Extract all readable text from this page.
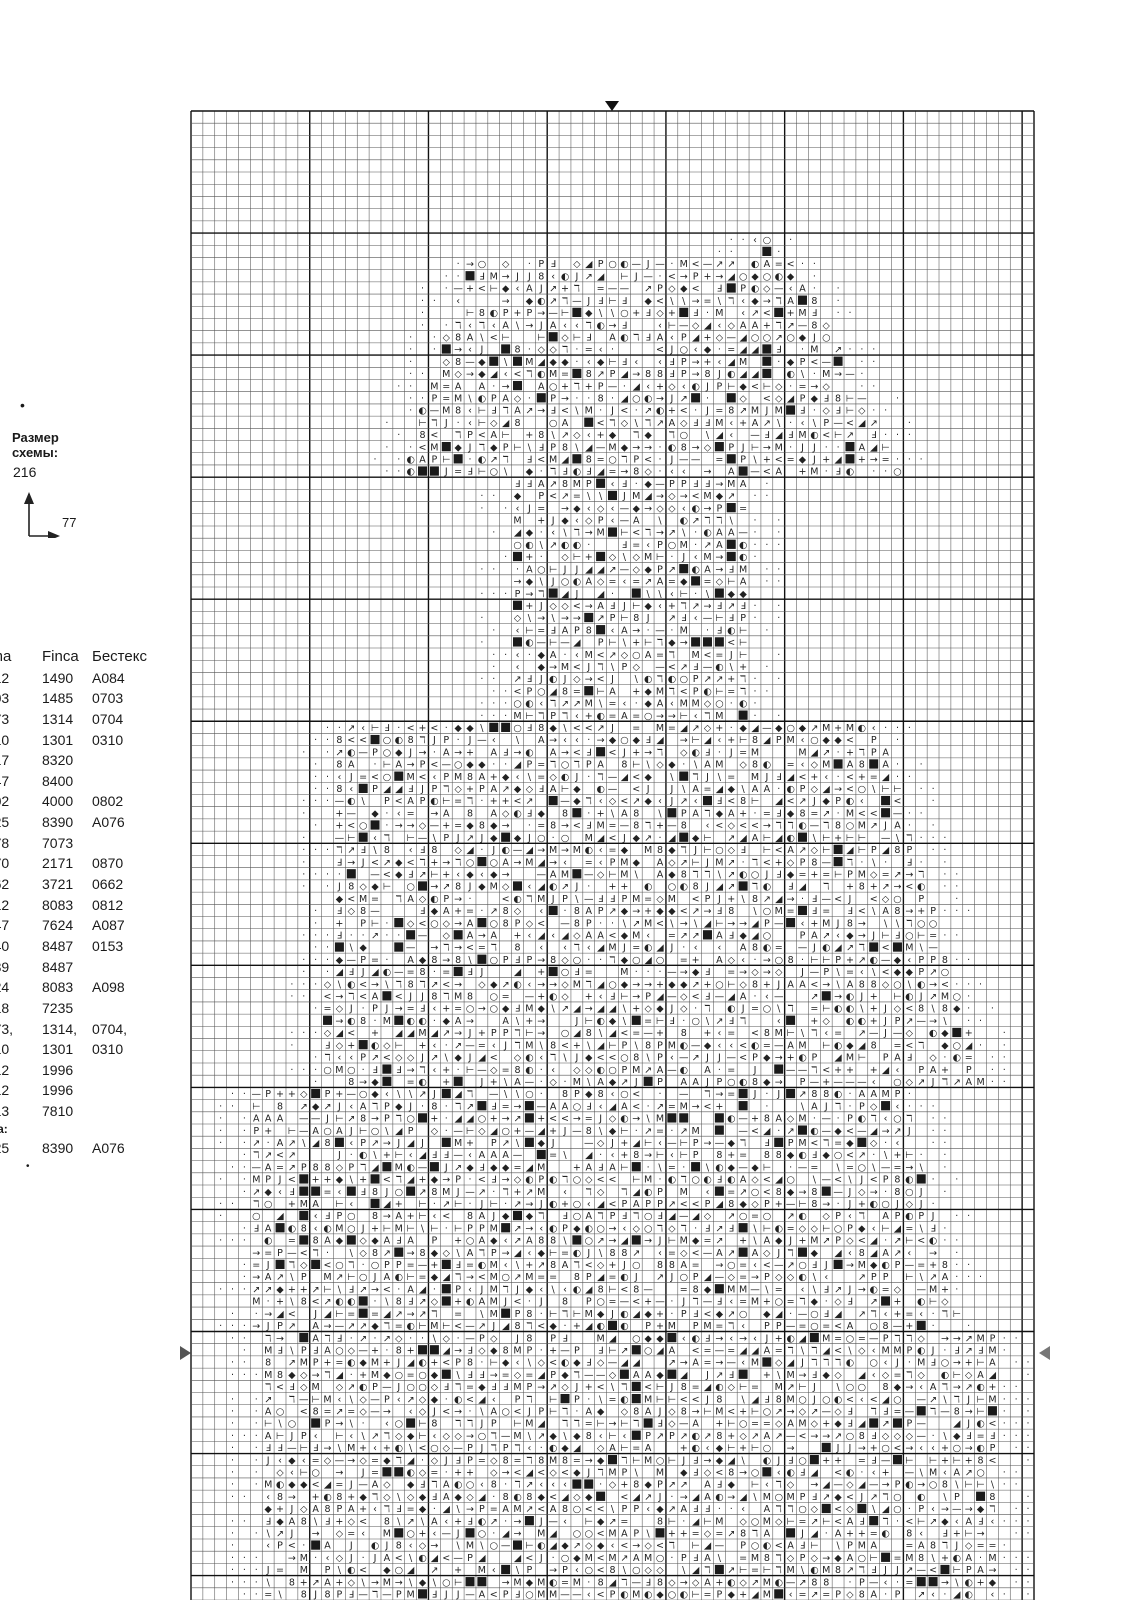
Размер
схемы:
216
77
a Finca Бестекс
2 1490 A084
3 1485 0703
3 1314 0704
0 1301 0310
7 8320
7 8400
2 4000 0802
5 8390 A076
8 7073
0 2171 0870
2 3721 0662
2 8083 0812
7 7624 A087
0 8487 0153
9 8487
4 8083 A098
8 7235
3, 1314, 0704,
0 1301 0310
2 1996
2 1996
3 7810
а:
5 8390 A076
· · ‹ ○ ·
· ·	·
· → ○ ◇ · P Ⅎ ◇ ◢ P ○ ◐ — J — · M < — ↗ ↗ ◐ A = < · ·
· · Ⅎ M → J J 8 ‹ ◐ J ↗ ◢ ⊢ J — · < → P + → ◢ ○ ◆ ○ ◐ ◆ ·
· · — + < ⊢ ◆ ‹ A J ↗ + ℸ = — — ↗ P ◇ ◆ < Ⅎ P ◐ ◇ — ‹ A · ·
· · ‹	→ ◆ ◐ ↗ ℸ — J Ⅎ ⊢ Ⅎ ◆ < \ \ → = \ ℸ ‹ ◆ → ℸ A 8 ·
·	⊢ 8 ◐ P + P → — ⊢ ◆ \ \ ○ + Ⅎ ◇ + Ⅎ · M ‹ ↗ < + M Ⅎ · ·
· · ℸ ‹ ℸ ‹ A \ → J A ‹ ‹ ℸ ◐ → Ⅎ	‹ ⊢ — ◇ ◢ ‹ ◇ A A + ℸ ↗ — 8 ◇
· · ◇ 8 A \ < ⊢	⊢ ◇ ⊢ Ⅎ A ◐ ℸ Ⅎ A ‹ P ◢ + ◇ — ◢ ○ ○ ↗ ○ ◆ J ○
· · → ‹ J	8 · ◇ ◇ ℸ · = ‹ ·	< J ○ ‹ ◆ · = ◢ ◢ Ⅎ · M ↗ · · ·
·	◇ 8 — ◆ \ M ◢ ◆ ◆ · ‹ ◆ ⊢ Ⅎ ‹ ‹ Ⅎ P → + ‹ ◢ M	· ◆ P < —	· ·
· · M ◇ → ◆ ◢ ‹ < ℸ ◐ M = 8 ↗ P ◢ → 8 8 Ⅎ P → 8 J ◐ ◢ ◢	◐ \ · M → — ·
· · M = A A · →	A ○ + ℸ + P — · ◢ ‹ + ◇ ‹ ◐ J P ⊢ ◆ < ⊢ ◇ · = → ◇	· ·
· · P = M \ ◐ P A ◇ · P → · · 8 · ◢ ○ ◐ → J ↗ ·	◇ < ◇ ◢ P ◆ Ⅎ 8 ⊢ —	·
· ◐ — M 8 ‹ ⊢ Ⅎ ℸ A ↗ → Ⅎ < \ M · J < · ↗ ◐ + < · J = 8 ↗ M J M Ⅎ · ◇ Ⅎ ⊢ ◇ · ·
·	⊢ ℸ J · ‹ ⊢ ◇ ◢ 8	○ A	< ℸ ◇ \ ℸ ↗ A ◇ Ⅎ Ⅎ M ‹ + A ↗ \ · ‹ \ P — < ◢ ↗	·
· 8 < ℸ P < A ⊢ + 8 \ ↗ ◇ ‹ + ◆ ℸ ◆ ℸ ○ \ ◢ ‹ — Ⅎ ◢ Ⅎ M ◐ < ⊢ ↗ Ⅎ · · ·
· · < M ◆ J ℸ ◆ P ⊢ \ Ⅎ P 8 \ ◢ — M ◆ → → · ◐ 8 → ◇ P J ⊢ → M · J J · · A ◢ ⊢
· · ◐ A P ⊢ · ◐ ↗ ℸ Ⅎ < M ◢ 8 = ○ ℸ P < · J — — = P \ + < = ◆ J + ◢ + → = · · ·
· · ◐	J = Ⅎ ⊢ ○ \ ◆ · ℸ Ⅎ ◐ Ⅎ ◢ = → 8 ◇ · ‹ ‹ → A — < A + M · Ⅎ ◐ · · ○
Ⅎ Ⅎ A ↗ 8 M P ‹ Ⅎ · ◆ — P P Ⅎ Ⅎ → M A ·
· · ◆ P < ↗ = \ \ J M ◢ → ◇ → < M ◆ ↗ · ·
· · ‹ J = → ◆ ‹ ◇ ‹ — ◆ → ◇ ◇ ‹ ◐ → P =
M + J ◆ ‹ ◇ P ‹ — A \ ◐ ↗ ℸ ℸ \ · ·
· ◢ ◆ · ‹ \ ℸ → M ⊢ < ℸ → ↗ \ · ◐ A A — · ·
○ ◐ \ ↗ ◐ ◐ ·	Ⅎ = ‹ P ○ M · ↗ A ◐ · · ·
· + · ◇ ⊢ + ◇ \ ◇ M ⊢ · J ‹ M → ◐ ·
· · · A ○ ⊢ J J ◢ ◢ ↗ — ◇ ◆ P ↗ ◐ A → Ⅎ M · ·
→ ◆ \ J ○ ◐ A ◇ = ‹ = ↗ A = ◆ = ◇ ⊢ A · ·
· · · P → ℸ ◢ J ◢ ·	\ \ ‹ ⊢ · \ ◆ ◆
+ J ◇ ◇ < → A Ⅎ J ⊢ ◆ ‹ + ℸ ↗ → Ⅎ ↗ Ⅎ · ·
·	◇ \ → \ → → ↗ P ⊢ 8 J ↗ Ⅎ ‹ — ⊢ Ⅎ P · ·
· ‹ ⊢ = Ⅎ A P 8 ‹ A → · — · M · Ⅎ ◐ ⊢ ·
·	◐ — ⊢ — ◢ P ⊢ \ + ⊢ ℸ ◆ →	< ⊢
· · ‹ · ◆ A · ‹ M < ↗ ◇ ○ A = ℸ M < = J ⊢	·
· ‹ ◆ → M < J ℸ \ P ◇ — < ↗ Ⅎ — ◐ \ + ·
· · ↗ Ⅎ J ◐ J ◇ → < J \ ◐ ℸ ◐ ○ P ↗ ↗ + ℸ · ·
· · < P ○ ◢ 8 = ⊢ A + ◆ M ℸ < P ◐ ⊢ = ℸ · ·
· · · ○ ◐ ‹ ℸ ↗ ↗ M \ = ‹ · ◆ A ‹ M M ◇ ○ · ◐ ·
· · · M ⊢ ℸ P ℸ ‹ + ◐ = A = ○ → → ⊢ ‹ ℸ M	· ·
· · ↗ ‹ ⊢ Ⅎ · < + < · ◆ ◆ \	○ Ⅎ 8 ◆ \ < < ↗ J = M = ◢ ↗ ◇ + · ◆ ◢ — ◆ ○ ◆ ↗ M + M ◐ ‹ · · ·
· · 8 < < ○ ◐ 8 ℸ J P · J — ‹ \ A → ‹ ‹ · → ◆ ○ ◆ Ⅎ ◢ → ⊢ ◢ ‹ + ⊢ 8 ◢ P M ‹ ○ ◆ ◆ < P ·
· · ↗ ◐ — P ○ ◆ J → · A → + A Ⅎ → ◐ A → < Ⅎ < J + → ℸ ◇ ◐ Ⅎ · J = M	M ◢ ↗ · + ℸ P A
· 8 A · ⊢ A → P < — ○ ◆ ◆ · · ◢ P = ℸ ○ ℸ P A 8 ⊢ \ ◇ ◆ · \ A M ◇ 8 ◐ = ‹ ◇ M A 8 A · ·
· · ‹ J = < ○ M < ‹ P M 8 A + ◆ ‹ \ = ◇ ◐ J · ℸ — ◢ < ◆ \ ℸ J \ = M J Ⅎ ◢ < + ‹ · < + = ◢ · ·
· · 8 ‹ P ◢ ◢ Ⅎ J P ℸ ◇ + P A ↗ ◆ ◇ Ⅎ A ⊢ ◆ ◐ — < J J \ A = ◢ ◆ \ A A · ◐ P ◇ ◢ → < ○ \ ⊢ ⊢ · ·
· · · — ◐ \ P < A P ◐ ⊢ = ℸ · + + < ↗	— ◆ ℸ ‹ ◇ < ↗ ◆ ‹ J ↗ ‹ Ⅎ < 8 ⊢ ◢ < ↗ J ◆ P ◐ ‹	<	·
·	+ — ◆ · ‹ = → A 8 A ◇ ◐ Ⅎ ◆ 8 · + \ A 8 \ P A ℸ ◆ A + · = Ⅎ ◆ 8 = ↗ · M < < — · ·
· + < ○ · → → ◇ — + = ◆ 8 ◆ → · = 8 → < Ⅎ M = — 8 ℸ + — 8 ‹ < ◇ < < → ℸ ℸ ◐ — ℸ 8 ○ M ↗ J A · ·
·	— ⊢ ‹ ℸ ⊢ — \ P J ↗ J ◆ ◆ J ○ · ○ M ◢ < J ◆ ↗ · ◢ ◆ ⊢ ↗ ◢ A ⊢ ◢ ◐ \ ⊢ + ⊢ ⊢ — \ ℸ · · ·
· · · ℸ ↗ Ⅎ \ 8 ‹ Ⅎ 8 ◇ ◢ · J ◐ — ◢ → M → M ◐ ‹ = ◆ M 8 ◆ ℸ J ⊢ ○ ◇ Ⅎ ⊢ < A ↗ ◇ ⊢ ◢ ⊢ P ◢ 8 P · ·
·	Ⅎ → J < ↗ ◆ < ℸ + → ℸ ○ ○ A → M ◢ → ‹ = ‹ P M ◆ A ◇ ↗ ⊢ J M ↗ · ℸ < + ◇ P 8 — ℸ · \ · Ⅎ · ·
· · · ·	— < ◆ Ⅎ ↗ ⊢ + ‹ ◆ ‹ ◆ →	— A M — ◇ ⊢ M \ A ◆ 8 ℸ ℸ \ ↗ ◐ ○ J Ⅎ ◆ = + = ⊢ P M ◇ = ↗ → ℸ · ·
· · J 8 ◇ ◆ ⊢ ○ → ↗ 8 J ◆ M ◇ ‹ ◢ ◐ ↗ J · + + ◐ ○ ◐ 8 J ◢ ↗ ℸ ◐ Ⅎ ◢ ℸ + 8 + ↗ → < ◐ · ·
◆ < M = ℸ A ◇ ◐ P → ·	< ◐ ℸ M J P \ — Ⅎ Ⅎ P M = ◇ M < P J + \ 8 ↗ ◢ → · Ⅎ — < J < ◇ ○ P	·
· Ⅎ ◇ 8 —	Ⅎ ◆ A + = · ↗ 8 ◇ ‹ · 8 A P ↗ ◆ → + ◆ ◆ < ↗ → Ⅎ 8 \ ○ M = Ⅎ = Ⅎ < \ A 8 → + P · · ·
· + P ⊢ · ◇ < ○ ◇ → A ○ 8 P ◇ < — 8 P · · \ ↗ M < \ → \ ◢ ⊢ → → ◢ P — ‹ + M J 8 → \ \ ℸ ○ ○
· · · Ⅎ · · ↗ · · — ◇ A → A + ‹ ◢ ‹ ◢ ◇ A A < ◆ M ‹ = ↗ ↗ A Ⅎ ◆ ◢ ○	P A ↗ ‹ ◆ → J ⊢ Ⅎ ○ ⊢ = · ·
· · \ ◆	— → ℸ → < = ℸ 8 ‹ ‹ ℸ ‹ ◢ M J = ◐ ◢ J · ‹ ‹ A 8 ◐ = — J ◐ ◢ ↗ ℸ < M \ —
· · · ◆ — P = · A ◆ 8 → 8 \ ○ P Ⅎ P → 8 ◇ ○ · · ℸ ◆ ○ ◢ ○ = + A ◇ ‹ · → ○ 8 · ⊢ ⊢ P + ↗ ◐ — ◆ ‹ P P 8 · ·
· · ◢ Ⅎ J ◢ ◐ — = 8 · = Ⅎ J	◢ + ○ Ⅎ =	M · · · — → ◆ Ⅎ = → ◇ → ◇ J — P \ = ‹ \ < ◆ ◆ P ↗ ○
· · · ◇ \ ◐ < → \ ℸ 8 ℸ ↗ < → ◇ ◆ ↗ ◐ ‹ → → ◇ M ℸ ◢ ○ ◆ → → + ◆ ◆ ↗ + ○ ⊢ ◇ 8 + J A A < → \ A 8 8 ◇ ○ \ ◐ → < · · ·
· · < → ℸ < A < J J 8 ℸ M 8 ○ = — + ◐ ◇ + ‹ Ⅎ ⊢ → P ◢ — ◇ < Ⅎ — ◢ A · ‹ —	↗ → ◐ J + ⊢ ◐ J ↗ M ○ ·
· = ◇ J · P J → = Ⅎ ‹ + = ○ → ○ ◆ Ⅎ M ◆ \ ↗ ◢ → ◢ ◢ \ + ◇ ◆ J ◇ · ℸ ◐ J = ○ \ ℸ = ⊢ ◐ ◐ \ + J ◇ < 8 \ 8 ◆ · ·
→ ◐ 8 · M ◐ ◐ · ◆ A →	A \ + →	J ⊢ ◐ ◆ \ = ⊢ Ⅎ · ○ \ ↗ Ⅎ ℸ	‹	+ ◇ ◐ ◐ + J P ↗ — → \ · ·
· · · ◇ ◢ < + ◢ ◢ M ◢ ↗ → J + P P ℸ ⊢ → ○ ◢ 8 \ ◢ < = — + 8 + ‹ = < 8 M ⊢ \ ℸ ‹ = ↗ — J — ◇ ◐ ◆ +	·
·	Ⅎ ◇ + ◐ ◇ ⊢ + ‹ · ↗ — = ‹ J ℸ M \ 8 < + \ ◢ ⊢ P \ 8 P M ◐ — ◆ ‹ ‹ < ◐ = — A M ⊢ ◐ ◆ ◢ 8 = < ℸ ◆ ○ ◢ · ·
· ℸ ‹ ‹ P ↗ < ◇ ◇ J ↗ \ ◆ J ◢ < ◇ ◐ ‹ ℸ \ J ◆ < < ○ 8 \ P ‹ — ↗ J J — < P ◆ → + ◐ P ◢ M ⊢ P A Ⅎ ◇ · ◐ = · ·
· · · ○ M ○ · Ⅎ Ⅎ → ℸ ‹ + · ⊢ — ◇ = 8 ◐ · ‹ ◇ ◇ ◐ ○ P M ↗ A — ◐ A · = J	— — ℸ < + + + ◢ ‹ P A + P · ·
·	8 → ◆	= ◐ +	J + \ A — · ◇ · M \ A ◆ ↗ J P A A J P ○ ◐ 8 ◆ → P — + — — — ‹ ○ ◇ ↗ J ℸ ↗ A M · ·
· · — P + + ◇ P + — ○ ◆ ‹ \ \ ↗ J ◢ ℸ — \ \ ○ · 8 P ◆ 8 ‹ ○ < · — ℸ → = J · J ↗ 8 8 ◐ · A A M P ·
· · ⊢ 8 ↗ ◆ ↗ J ‹ A ℸ P ◆ J · 8 · ℸ ↗ Ⅎ = → — A A ○ Ⅎ ‹ ◢ A < · ↗ = M → < +	·	\ A J ℸ · P ◇ ‹ · · ·
· · A A A — — J ⊢ ↗ 8 → P ℸ ○ + · ◢ ◢ ○ + → ↗ + < < → = J ◇ ◐ → \ M	◐ — + 8 A ◇ M · — · P ◐ ℸ ‹ ○ ℸ · ·
· · P + ⊢ — A ○ A J ⊢ ○ \ ◢ P ◇ · — ⊢ ◇ ◢ ○ + — ◢ + J — 8 \ ◆ ⊢ · ↗ = · ↗ M	— < ◢ · ↗ ◐ — ◆ < — ◢ → ↗ J · ·
· · ↗ · A ↗ \ ◢ 8 ‹ P ↗ → J ◢ J	M + P ↗ \ ◆ J	— ◇ J + ◢ ⊢ ‹ — ⊢ P → — ◆ ℸ Ⅎ P M < ℸ = ◆ ◇ · ‹	· ·
· ℸ ↗ < ↗	J · ◐ \ + ⊢ ‹ ◢ Ⅎ Ⅎ — ‹ A A A —	= \ ◢ · ‹ + 8 → ⊢ ‹ ⊢ P 8 + = 8 8 ◆ ◐ Ⅎ ◆ ○ < ↗ · \ + ⊢ · ·
· · — A = ↗ P 8 8 ◇ P ℸ ◢ M ◐ — J ↗ ◆ Ⅎ ◆ ◆ = ◢ M	+ A Ⅎ A ⊢ · \ = · \ ◐ ◆ — ◆ ⊢ · — = \ = ○ \ — = → \ ·
· · M P J < + + ◆ \ + < ℸ ◢ + ◆ → P · < Ⅎ → ◇ ◐ P ◐ ℸ ○ ◇ < < ⊢ M · ◐ ℸ ○ ◐ Ⅎ ◐ A ◇ < ◢ ○ \ — < \ J < P 8 ◐ · ·
· ↗ ◆ ‹ Ⅎ	= ‹ Ⅎ 8 J ○ ↗ 8 M J — ↗ · ℸ + ↗ M ‹ ℸ ◇ ℸ ◢ ◐ P M ‹ = ↗ ○ < 8 ◆ → 8 — J ◇ → · 8 ○ J ·
· · ℸ ○ + M A ⊢ ‹	◢ + ⊢ · ↗ ⊢ · J ⊢ · ↗ → J ◐ + ○ ‹ ◢ < P A P P ↗ < < P ◢ 8 ◆ ◇ P + — ⊢ 8 → · J + ◐ ○ J ◇ J ·
·	○ ◢	‹ Ⅎ P ○ 8 → A + ⊢ ‹ < 8 A J ◆ ◆ ℸ Ⅎ ○ A ℸ P Ⅎ ℸ ○ Ⅎ ◢ — ◢ ◇ ↗ ○ = ○ ↗ ◐ ◇ P ‹ ℸ A P ◐ P J · ·
· Ⅎ A ◐ 8 ‹ ◐ M ○ J + ⊢ M ⊢ \ ⊢ · ⊢ P P M ↗ → ‹ ◐ P ◆ ◐ ○ → ‹ ◇ ○ ℸ ◇ ℸ · Ⅎ ↗ Ⅎ \ ⊢ ◐ = ◇ ◇ ⊢ ○ P ◆ ‹ ⊢ ◢ = \ Ⅎ ·
· · · ◐ = 8 A ◆ ◇ ◆ A Ⅎ A P + ○ A ◆ ‹ ↗ A 8 8 \ ○ ↗ → ◢ → J ⊢ M ◆ = ↗ + \ A ◆ J + M ↗ P ◇ < ◢ · ↗ ⊢ < ◐ · ·
→ = P — < ℸ · \ ◇ 8 ↗ → 8 ◆ ◇ \ A ℸ P → ◢ ‹ ◆ ⊢ = ◐ J \ 8 8 ↗ ‹ = ◇ < — A ↗ A ◇ J ℸ ◆ ◢ ‹ 8 ◢ A ↗ ‹ → ·
· = J ℸ ◇ < ○ ℸ · ○ P P = — + Ⅎ = ◐ M ‹ \ + ↗ 8 A ℸ < ◇ + J ○ 8 8 A = → ○ = ‹ < — ↗ ○ Ⅎ J → M ◆ ◐ P — = + 8 · ·
· → A ↗ \ P M ↗ ⊢ ○ J A ◐ ⊢ = ◆ ◢ ℸ → < M ○ ↗ M = = 8 P ◢ = ◐ J ↗ J ○ P ◢ — ◇ = → P ◇ ◇ ◐ \ ‹	↗ P P ⊢ \ ↗ A · · ·
· · · ↗ ↗ ◆ + + ↗ ⊢ \ Ⅎ ↗ → < · A ◢ · P ‹ J M ℸ J ◆ ‹ \ ‹ ◐ ◢ 8 ⊢ < 8 —	= 8 ◆ M M — \ = ‹ \ Ⅎ ↗ J → ◐ = ◇ — M + ·
M · + \ 8 < ↗ ◐ ◐ · \ 8 Ⅎ ↗ ◇ + ◐ A M J < · J 8 P ○ = — < + — · J ℸ — Ⅎ ‹ = M + ○ = ℸ ◆ · ◇ Ⅎ ↗ + ◐ ⊢ ◇
· · → ◢ < J ◢ ⊢ = = ◢ ↗ → ↗ ℸ = \ M P 8 · ⊢ ℸ ⊢ M ◆ J ◐ ◢ ◆ + · P Ⅎ < ◆ ↗ ○ ◆ ◢ · — ○ Ⅎ ◢ ↗ ℸ ‹ + = ‹ · ℸ ⊢
· · · → J P ↗ A → — ↗ ↗ ◆ ℸ = ◐ ⊢ M ⊢ < — ↗ J ◢ 8 ℸ < ◆ · + ◢ ◐ ◐ P + M P M = ℸ ‹ P P — = ○ = < A ○ 8 — + ·	·
· · ℸ →	A ℸ Ⅎ · ↗ · ↗ ◇ · · \ ◇ · — P ◇ J 8 P Ⅎ	M ◢ ○ ◆ ◆ ‹ ◐ Ⅎ → ‹ → ‹ J + ◐ ◢ M = ○ = — P ℸ ℸ ◇ → → ↗ M P · ·
· M Ⅎ \ P Ⅎ A ○ ◇ — + · 8 +	◢ → Ⅎ ◇ ◆ 8 M P · + — P Ⅎ ⊢ ↗ ○ ◢ A < = — = ◢ ◢ A = ℸ \ ℸ ◢ < \ ◇ ‹ M M P ◐ J · Ⅎ ↗ Ⅎ M ·
· · 8 ↗ M P + = ◐ ◆ M + J ◢ ◐ + < P 8 · ⊢ ◆ ‹ \ ◇ < ◐ ◆ Ⅎ ◇ — ◢ ◢	↗ → A = → — ‹ M ◇ ◢ J ℸ ℸ ℸ ◐ ○ ‹ J · M Ⅎ ○ → + ⊢ A · ·
· · · M 8 ◆ ◇ → ℸ ◢ · + M ◆ ○ = ○ ◆ \ Ⅎ Ⅎ → = ◇ = ◢ P ◆ ℸ — — ◇ A A ◆ ◢ J ↗ Ⅎ	+ \ M → Ⅎ ◆ ◇ ◢ ‹ ◇ = ℸ ◇ ◐ ⊢ ◇ A ◢	·
ℸ < Ⅎ ◇ M ◇ ↗ ◐ P — J ○ ○ ◇ Ⅎ ℸ = ◆ Ⅎ Ⅎ M P → ↗ ◇ J + < \ ℸ < ⊢ J 8 = ◢ ◐ ◇ ⊢ = M ↗ ⊢ J \ ○ ○ 8 ◆ → ‹ A ℸ → ↗ ◐ + · ·
· · ↗ ℸ — ⊢ M ‹ \ ◇ — P ‹ ↗ ◇ ◆ · ◐ < ◢ ‹ P ℸ ⊢ P · \ = ◐ M ⊢ ⊢ < < J 8 \ ◢ Ⅎ 8 M ○ J ○ ◐ < ‹ < ◢ ○ — ↗ \ ℸ J ⊢ M · · ·
· · A ○ < 8 = ↗ = ◇ — → ‹ ◇ J < → · \ A ○ < J P ⊢ ℸ · A ◆ ◇ 8 A J ◇ 8 → ⊢ M < + ⊢ ○ ↗ → ◇ ↗ — ◇ Ⅎ ℸ Ⅎ = — ℸ — 8 → ⊢ · ·
· · ⊢ \ ○	P → \ · ‹ ○ ⊢ 8 ℸ ℸ J P ⊢ M ◢ ℸ ℸ = ⊢ → ⊢ ℸ Ⅎ ◇ — A + ⊢ ○ = = ◇ A M ◇ + ◆ Ⅎ ◢ ↗ P —	◢ J ◐ < · · ·
· · · A ⊢ J P ‹ ⊢ ‹ \ ↗ ℸ ◇ ◆ ⊢ ‹ ◇ ◇ → ○ ℸ — M \ ↗ ◆ \ ◆ 8 ‹ ⊢ ‹ P ↗ P ↗ ◐ ↗ 8 + ◇ ↗ A ↗ — < → → ↗ ○ 8 Ⅎ ◇ ◇ ◇ — · \ ◆ Ⅎ = Ⅎ · · ·
· · Ⅎ Ⅎ — ⊢ Ⅎ → \ M + ‹ + ◐ \ < ○ ◇ — P J ℸ P ℸ ‹ · ◐ ◆ ◢ ◇ A ⊢ = A	+ ◐ ‹ ◆ ⊢ + ⊢ ○ →	J J → + ○ < → ‹ ‹ + ○ → ◐ P · ·
· · J ‹ ◆ ‹ = ◇ — → ◇ = ◆ ℸ ◢ · ◇ J Ⅎ P = ◇ 8 = ℸ 8 M 8 = → ◆ ℸ ⊢ M ○ ⊢ J Ⅎ → ◆ ◢ \ ◐ J Ⅎ ○ + + = Ⅎ — ⊢ ⊢ + ⊢ + 8 <	·
· · ◇ ‹ ⊢ ○ → J =	◐ ◇ = · + + ◇ → < ◢ < ◇ < ◆ J ℸ M P \ M ◆ Ⅎ ◇ < 8 → ○ ‹ ◐ Ⅎ ◢ < ◐ · ‹ + — \ M ‹ A ↗ ○ · ·
· · M ◐ ◆ ◆ < ◢ = J — A ◇ ◆ Ⅎ ℸ A ◐ ○ ‹ 8 · ℸ ↗ ‹ ‹ ‹	· ◇ + 8 ◆ P ↗ ↗ A Ⅎ ◆ ⊢ ‹ ℸ ◇ → ◢ — ◇ ◢ — → P ◐ → ○ 8 \ ⊢ ⊢ \ · ·
· · ‹ 8 → + ◐ 8 + ◆ ℸ ◇ \ ◇ ◆ Ⅎ A ◆ ◇ ◢ · 8 ◐ 8 ◆ < ◢ ◇ ◆	< ◢ ↗ J · → ◢ A ◐ → ◢ \ M ○ M P Ⅎ ↗ ◆ < J ↗ ℸ ○ ◐ \ P	8	·
◆ + J ◇ A 8 P A + ‹ ℸ Ⅎ = ◆ · ◢ \ → P = A M ↗ < A 8 ○ < < \ P P ‹ ◆ ↗ A Ⅎ Ⅎ · · ‹ A ℸ ℸ ○ ◇ < ◇ \ ◢ ○ · P ‹ → — → ◆ ℸ · ·
· · Ⅎ ◆ A 8 \ Ⅎ + ◇ < 8 \ ↗ \ A ‹ + Ⅎ ◐ ↗ · → J — ‹ ⊢ ◆ ↗ =	8 ⊢ · ◢ ⊢ M ◇ ○ M ◇ ⊢ = ↗ ⊢ < A Ⅎ ℸ · < ⊢ ↗ ◆ ‹ A Ⅎ ‹ · · ·
· · \ ↗ J → ◇ = ‹ M ○ + ‹ — J ○ · ◢ → M ◢ ○ ○ < M A P \ + + = ◇ = ↗ 8 ℸ A	J ◢ · A + + = ◐ 8 ‹ Ⅎ + ⊢ →	· ·
·	‹ P < · A J ◐ J 8 ‹ ◇ → \ M \ ○ — ⊢ ◐ ◢ ◆ ↗ ◇ ◆ ‹ < → ◇ < ℸ ⊢ ◢ — P ○ ◐ < A Ⅎ ⊢ \ P M A	= A 8 ℸ J ◇ = = ·
· · ·	→ M · ‹ ◇ J · J A < \ ◐ ◢ < — P ◢	◢ < J · ○ ◆ M < M ↗ A M ○ · P Ⅎ A \ = M 8 ℸ ◇ P ◇ → ◆ A ○ ⊢ = M 8 \ + ◐ A · M · · ·
· · · J = M P \ ◐ < ◆ ○ ◢ ↗ + M ‹ \ P → P ‹ ○ < 8 \ ○ ◇ ◇ \ ◢ ℸ ↗ ⊢ = ⊢ ℸ M \ ◐ M 8 ↗ ℸ Ⅎ J J ↗ — < ⊢ P A → · ·
· · · \ 8 + ↗ A + ◇ \ → M → \ ◆ \ ○ ⊢	→ M ◆ M ◐ = M · 8 ◢ ℸ — Ⅎ 8 ◇ → ◇ A + ◐ ◇ ↗ M ◐ — ↗ 8 8 · P — ‹ · =	→ \ ◐ + ◆ · ·
· · = \ 8 J 8 P Ⅎ — ℸ — P M Ⅎ J J — A < P Ⅎ ○ M M — — ‹ < P ◐ M ◐ ◆ ○ ◐ ⊢ = P ◆ + ◢ M ‹ = ↗ = P ◇ 8 A · P ↗ ‹ · ◢ ◐ ‹ · ·
•
•
